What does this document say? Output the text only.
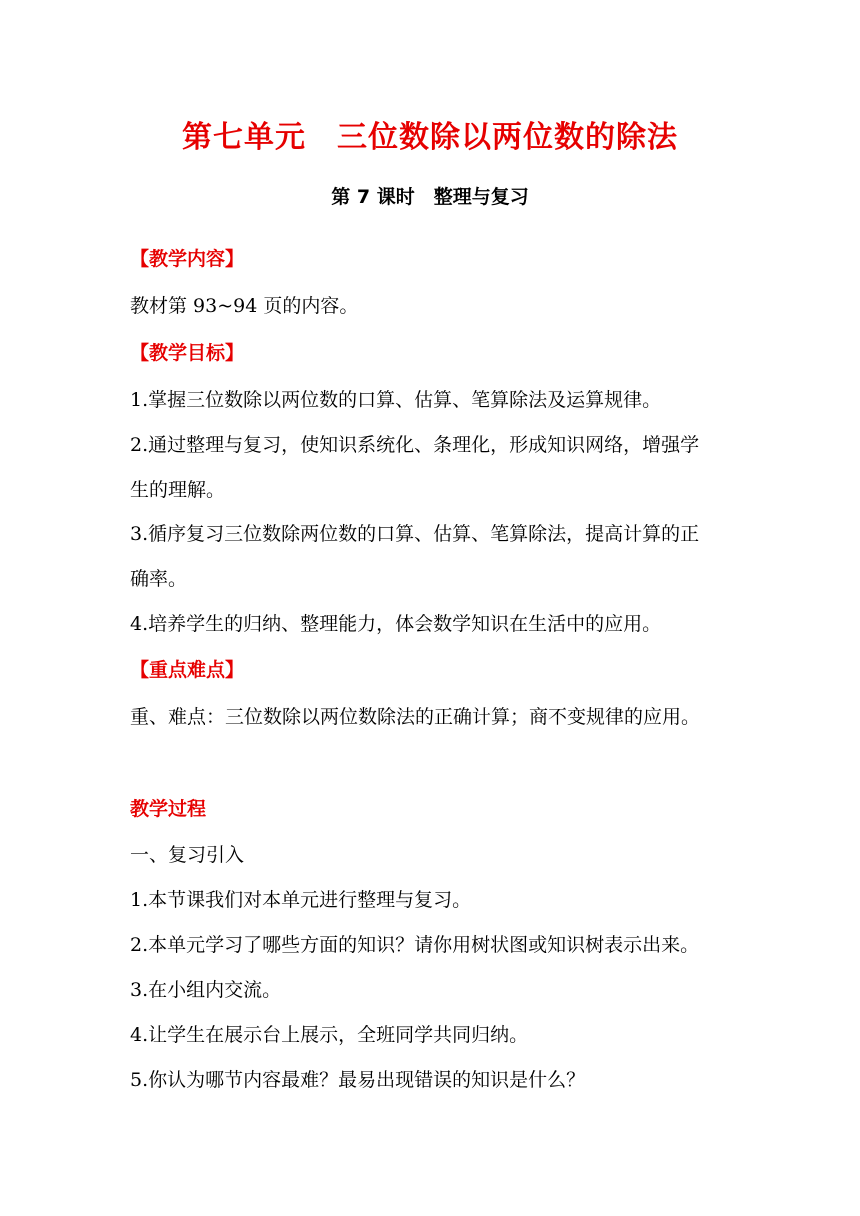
第七单元　三位数除以两位数的除法
第 7 课时　整理与复习
【教学内容】
教材第 93~94 页的内容。
【教学目标】
1.掌握三位数除以两位数的口算、估算、笔算除法及运算规律。
2.通过整理与复习，使知识系统化、条理化，形成知识网络，增强学
生的理解。
3.循序复习三位数除两位数的口算、估算、笔算除法，提高计算的正
确率。
4.培养学生的归纳、整理能力，体会数学知识在生活中的应用。
【重点难点】
重、难点：三位数除以两位数除法的正确计算；商不变规律的应用。
教学过程
一、复习引入
1.本节课我们对本单元进行整理与复习。
2.本单元学习了哪些方面的知识？请你用树状图或知识树表示出来。
3.在小组内交流。
4.让学生在展示台上展示，全班同学共同归纳。
5.你认为哪节内容最难？最易出现错误的知识是什么？
